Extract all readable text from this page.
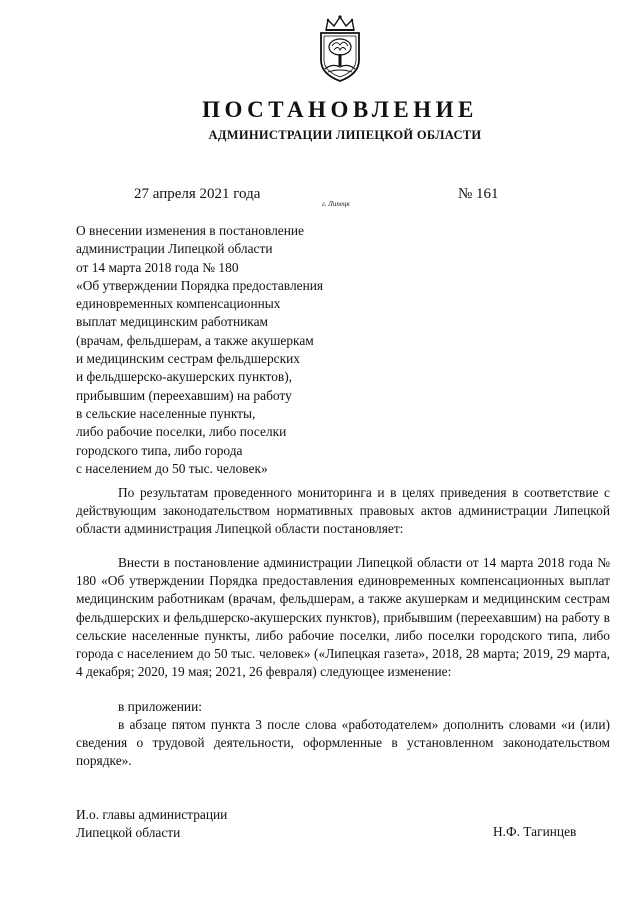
ПОСТАНОВЛЕНИЕ
АДМИНИСТРАЦИИ ЛИПЕЦКОЙ ОБЛАСТИ
27 апреля 2021 года
г. Липецк
№ 161
О внесении изменения в постановление
администрации Липецкой области
от 14 марта 2018 года № 180
«Об утверждении Порядка предоставления
единовременных компенсационных
выплат медицинским работникам
(врачам, фельдшерам, а также акушеркам
и медицинским сестрам фельдшерских
и фельдшерско-акушерских пунктов),
прибывшим (переехавшим) на работу
в сельские населенные пункты,
либо рабочие поселки, либо поселки
городского типа, либо города
с населением до 50 тыс. человек»
По результатам проведенного мониторинга и в целях приведения в соответствие с действующим законодательством нормативных правовых актов администрации Липецкой области администрация Липецкой области постановляет:
Внести в постановление администрации Липецкой области от 14 марта 2018 года № 180 «Об утверждении Порядка предоставления единовременных компенсационных выплат медицинским работникам (врачам, фельдшерам, а также акушеркам и медицинским сестрам фельдшерских и фельдшерско-акушерских пунктов), прибывшим (переехавшим) на работу в сельские населенные пункты, либо рабочие поселки, либо поселки городского типа, либо города с населением до 50 тыс. человек» («Липецкая газета», 2018, 28 марта; 2019, 29 марта, 4 декабря; 2020, 19 мая; 2021, 26 февраля) следующее изменение:
в приложении:
в абзаце пятом пункта 3 после слова «работодателем» дополнить словами «и (или) сведения о трудовой деятельности, оформленные в установленном законодательством порядке».
И.о. главы администрации
Липецкой области	Н.Ф. Тагинцев
